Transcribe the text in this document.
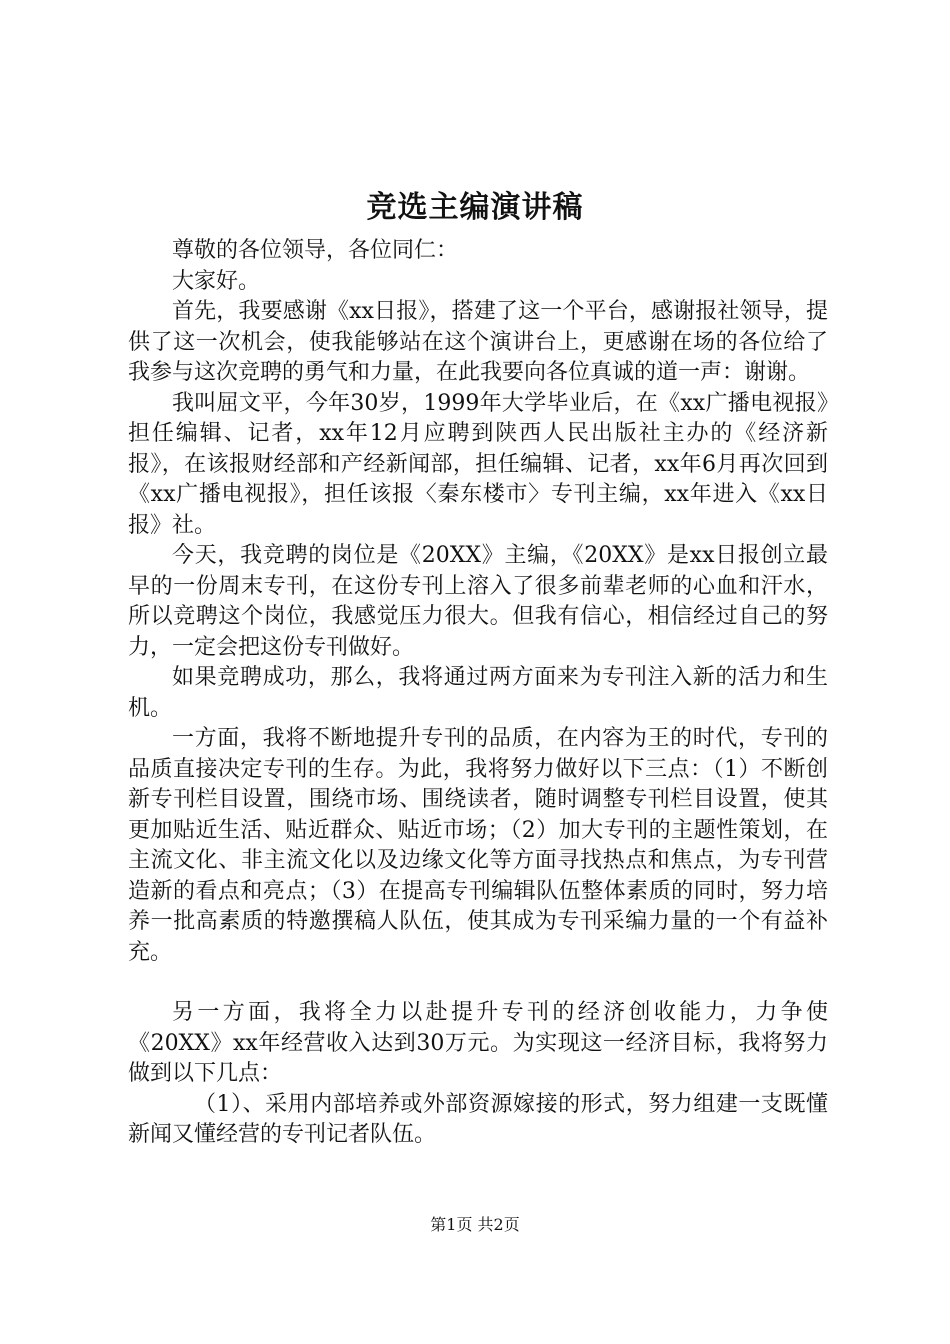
竞选主编演讲稿

尊敬的各位领导，各位同仁：

大家好。

首先，我要感谢《xx日报》，搭建了这一个平台，感谢报社领导，提供了这一次机会，使我能够站在这个演讲台上，更感谢在场的各位给了我参与这次竞聘的勇气和力量，在此我要向各位真诚的道一声：谢谢。

我叫屈文平，今年30岁，1999年大学毕业后，在《xx广播电视报》担任编辑、记者，xx年12月应聘到陕西人民出版社主办的《经济新报》，在该报财经部和产经新闻部，担任编辑、记者，xx年6月再次回到《xx广播电视报》，担任该报〈秦东楼市〉专刊主编，xx年进入《xx日报》社。

今天，我竞聘的岗位是《20XX》主编，《20XX》是xx日报创立最早的一份周末专刊，在这份专刊上溶入了很多前辈老师的心血和汗水，所以竞聘这个岗位，我感觉压力很大。但我有信心，相信经过自己的努力，一定会把这份专刊做好。

如果竞聘成功，那么，我将通过两方面来为专刊注入新的活力和生机。

一方面，我将不断地提升专刊的品质，在内容为王的时代，专刊的品质直接决定专刊的生存。为此，我将努力做好以下三点：（1）不断创新专刊栏目设置，围绕市场、围绕读者，随时调整专刊栏目设置，使其更加贴近生活、贴近群众、贴近市场；（2）加大专刊的主题性策划，在主流文化、非主流文化以及边缘文化等方面寻找热点和焦点，为专刊营造新的看点和亮点；（3）在提高专刊编辑队伍整体素质的同时，努力培养一批高素质的特邀撰稿人队伍，使其成为专刊采编力量的一个有益补充。

另一方面，我将全力以赴提升专刊的经济创收能力，力争使《20XX》xx年经营收入达到30万元。为实现这一经济目标，我将努力做到以下几点：

（1）、采用内部培养或外部资源嫁接的形式，努力组建一支既懂新闻又懂经营的专刊记者队伍。

第1页 共2页
